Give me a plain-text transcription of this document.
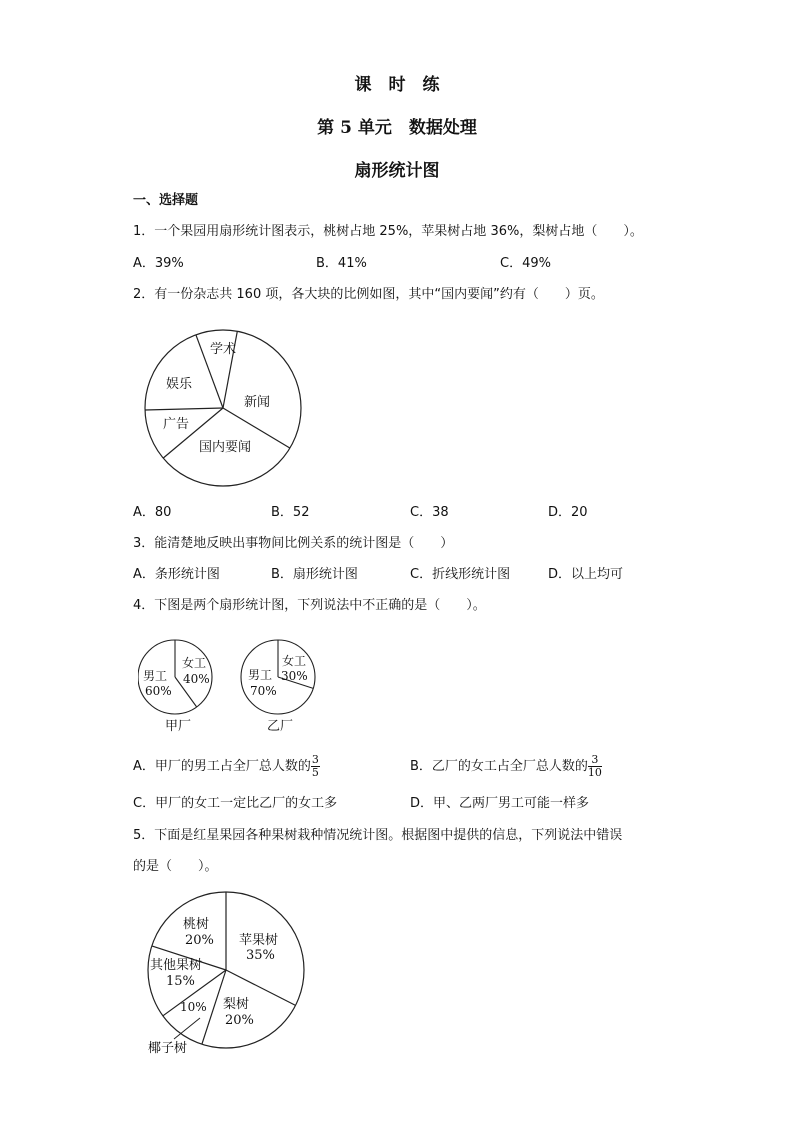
课　时　练
第 5 单元　数据处理
扇形统计图
一、选择题
1．一个果园用扇形统计图表示，桃树占地 25%，苹果树占地 36%，梨树占地（　　）。
A．39%	B．41%	C．49%
2．有一份杂志共 160 项，各大块的比例如图，其中“国内要闻”约有（　　）页。
学术
新闻
国内要闻
广告
娱乐
A．80	B．52	C．38	D．20
3．能清楚地反映出事物间比例关系的统计图是（　　）
A．条形统计图	B．扇形统计图	C．折线形统计图	D．以上均可
4．下图是两个扇形统计图，下列说法中不正确的是（　　）。
女工
40%
男工
60%
甲厂
女工
30%
男工
70%
乙厂
A．甲厂的男工占全厂总人数的 $\frac{3}{5}$	B．乙厂的女工占全厂总人数的 $\frac{3}{10}$
C．甲厂的女工一定比乙厂的女工多	D．甲、乙两厂男工可能一样多
5．下面是红星果园各种果树栽种情况统计图。根据图中提供的信息，下列说法中错误
的是（　　）。
苹果树
35%
梨树
20%
10%
其他果树
15%
桃树
20%
椰子树
